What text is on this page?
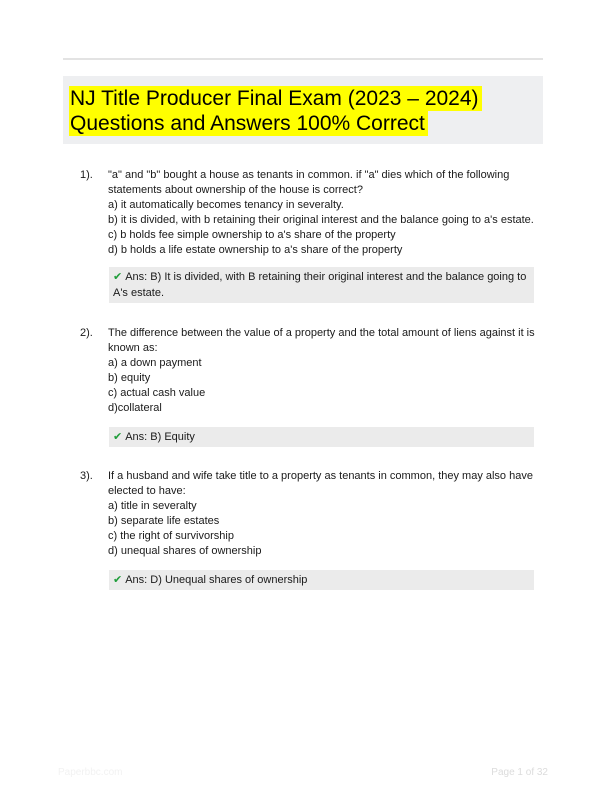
NJ Title Producer Final Exam (2023 – 2024)
Questions and Answers 100% Correct
1). "a" and "b" bought a house as tenants in common. if "a" dies which of the following statements about ownership of the house is correct?
a) it automatically becomes tenancy in severalty.
b) it is divided, with b retaining their original interest and the balance going to a's estate.
c) b holds fee simple ownership to a's share of the property
d) b holds a life estate ownership to a's share of the property
✔ Ans: B) It is divided, with B retaining their original interest and the balance going to A's estate.
2). The difference between the value of a property and the total amount of liens against it is known as:
a) a down payment
b) equity
c) actual cash value
d)collateral
✔ Ans: B) Equity
3). If a husband and wife take title to a property as tenants in common, they may also have elected to have:
a) title in severalty
b) separate life estates
c) the right of survivorship
d) unequal shares of ownership
✔ Ans: D) Unequal shares of ownership
Paperbbc.com	Page 1 of 32
